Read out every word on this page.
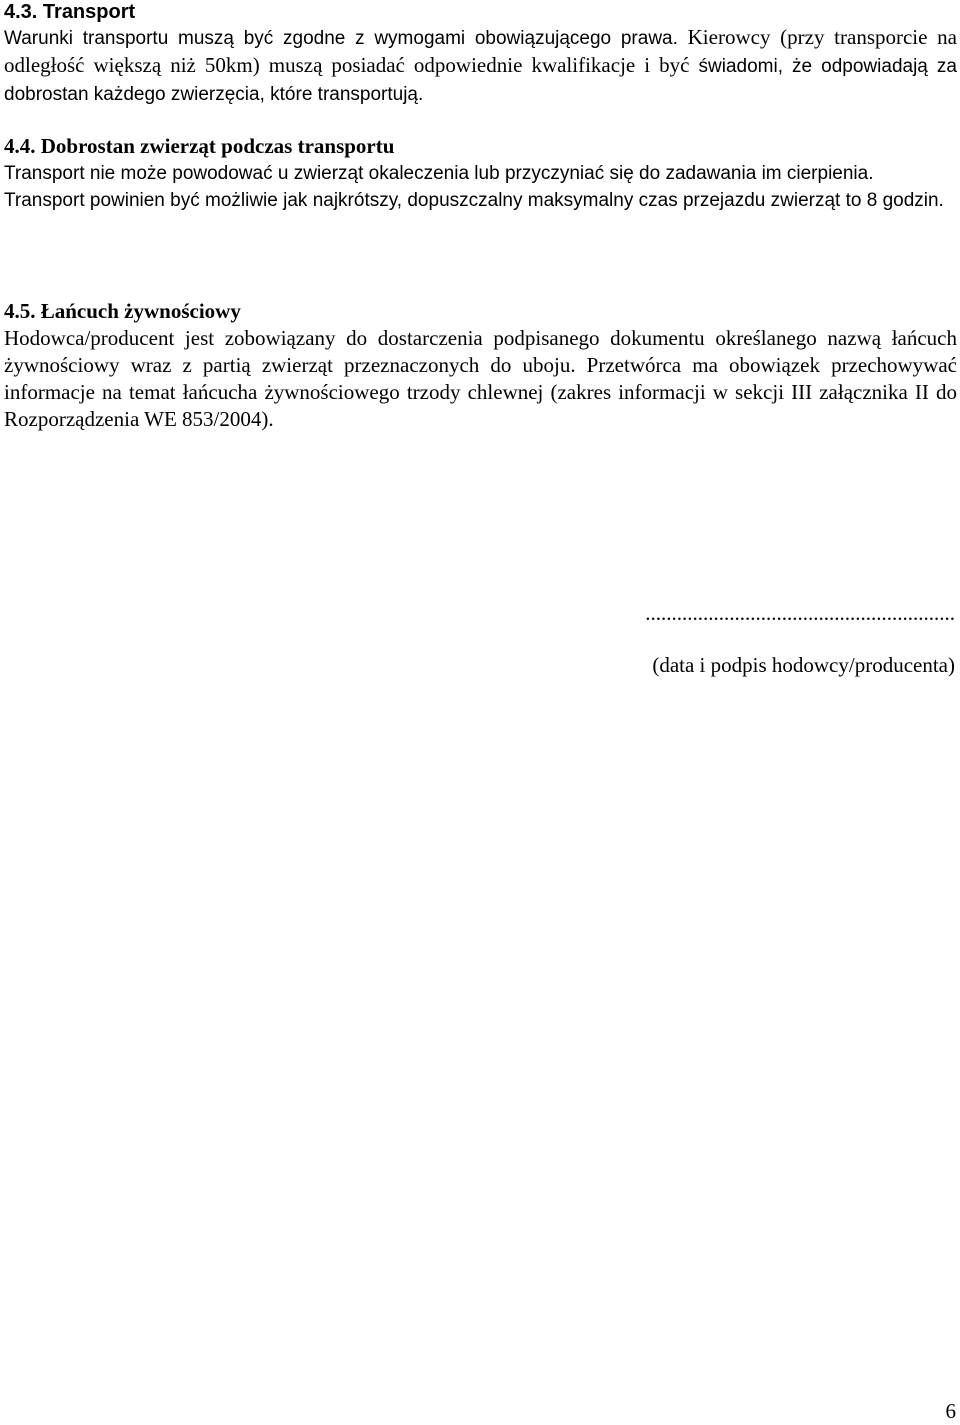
4.3. Transport

Warunki transportu muszą być zgodne z wymogami obowiązującego prawa. Kierowcy (przy transporcie na odległość większą niż 50km) muszą posiadać odpowiednie kwalifikacje i być świadomi, że odpowiadają za dobrostan każdego zwierzęcia, które transportują.

4.4. Dobrostan zwierząt podczas transportu

Transport nie może powodować u zwierząt okaleczenia lub przyczyniać się do zadawania im cierpienia.

Transport powinien być możliwie jak najkrótszy, dopuszczalny maksymalny czas przejazdu zwierząt to 8 godzin.

4.5. Łańcuch żywnościowy

Hodowca/producent jest zobowiązany do dostarczenia podpisanego dokumentu określanego nazwą łańcuch żywnościowy wraz z partią zwierząt przeznaczonych do uboju. Przetwórca ma obowiązek przechowywać informacje na temat łańcucha żywnościowego trzody chlewnej (zakres informacji w sekcji III załącznika II do Rozporządzenia WE 853/2004).

...........................................................
(data i podpis hodowcy/producenta)
6
